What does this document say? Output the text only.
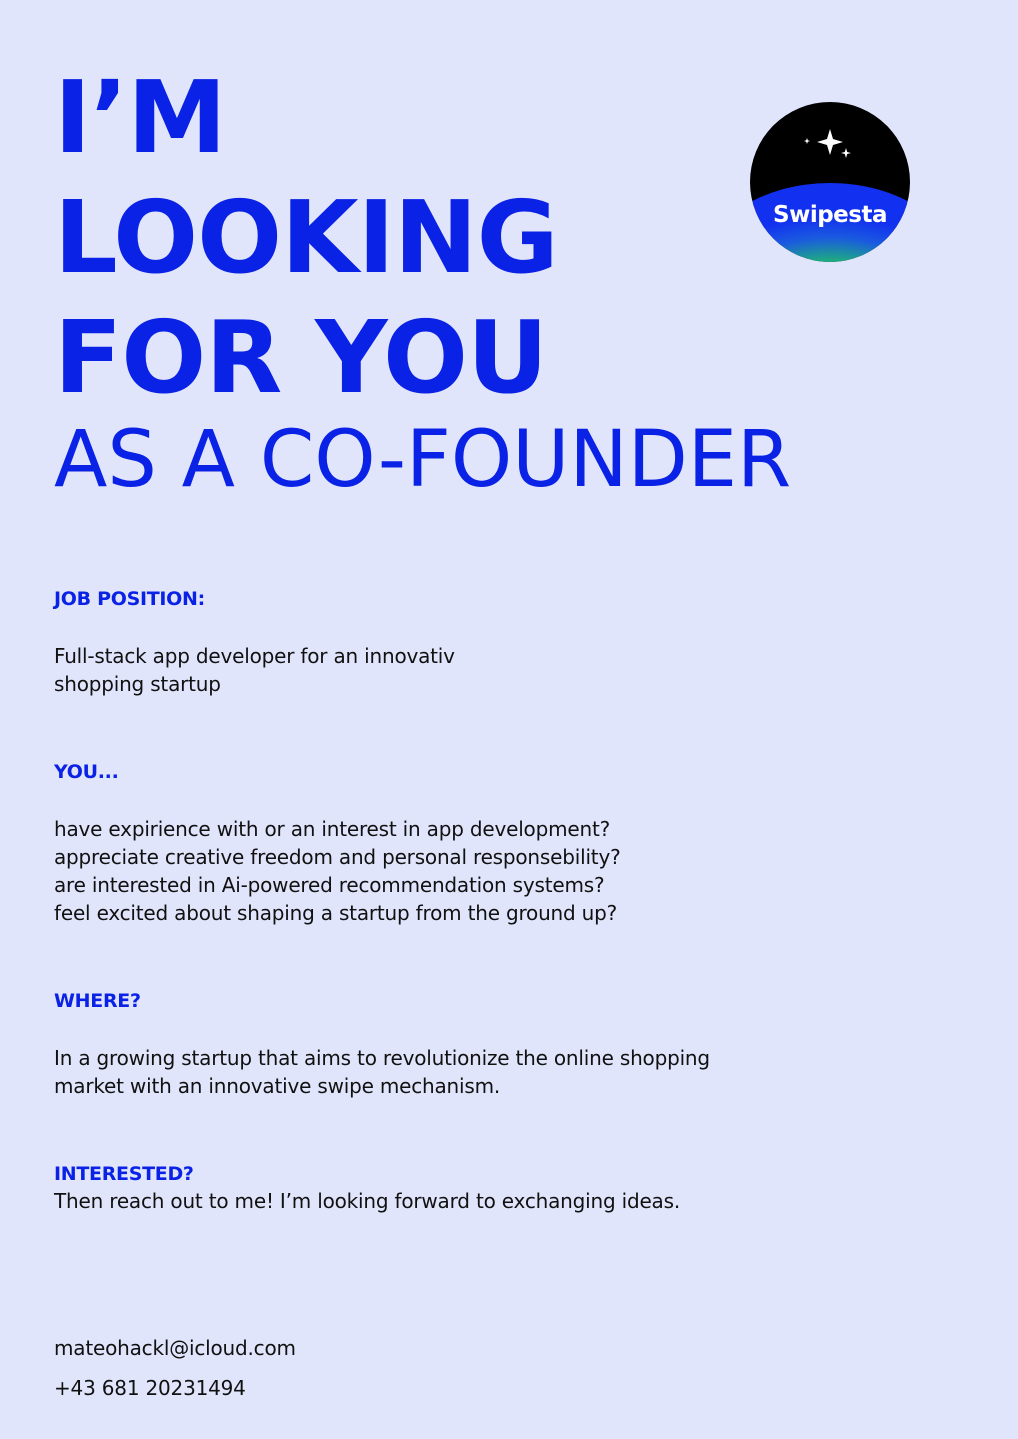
I’M
LOOKING
FOR YOU
AS A CO-FOUNDER
Swipesta
JOB POSITION:
Full-stack app developer for an innovativ
shopping startup
YOU...
have expirience with or an interest in app development?
appreciate creative freedom and personal responsebility?
are interested in Ai-powered recommendation systems?
feel excited about shaping a startup from the ground up?
WHERE?
In a growing startup that aims to revolutionize the online shopping
market with an innovative swipe mechanism.
INTERESTED?
Then reach out to me! I’m looking forward to exchanging ideas.
mateohackl@icloud.com
+43 681 20231494
